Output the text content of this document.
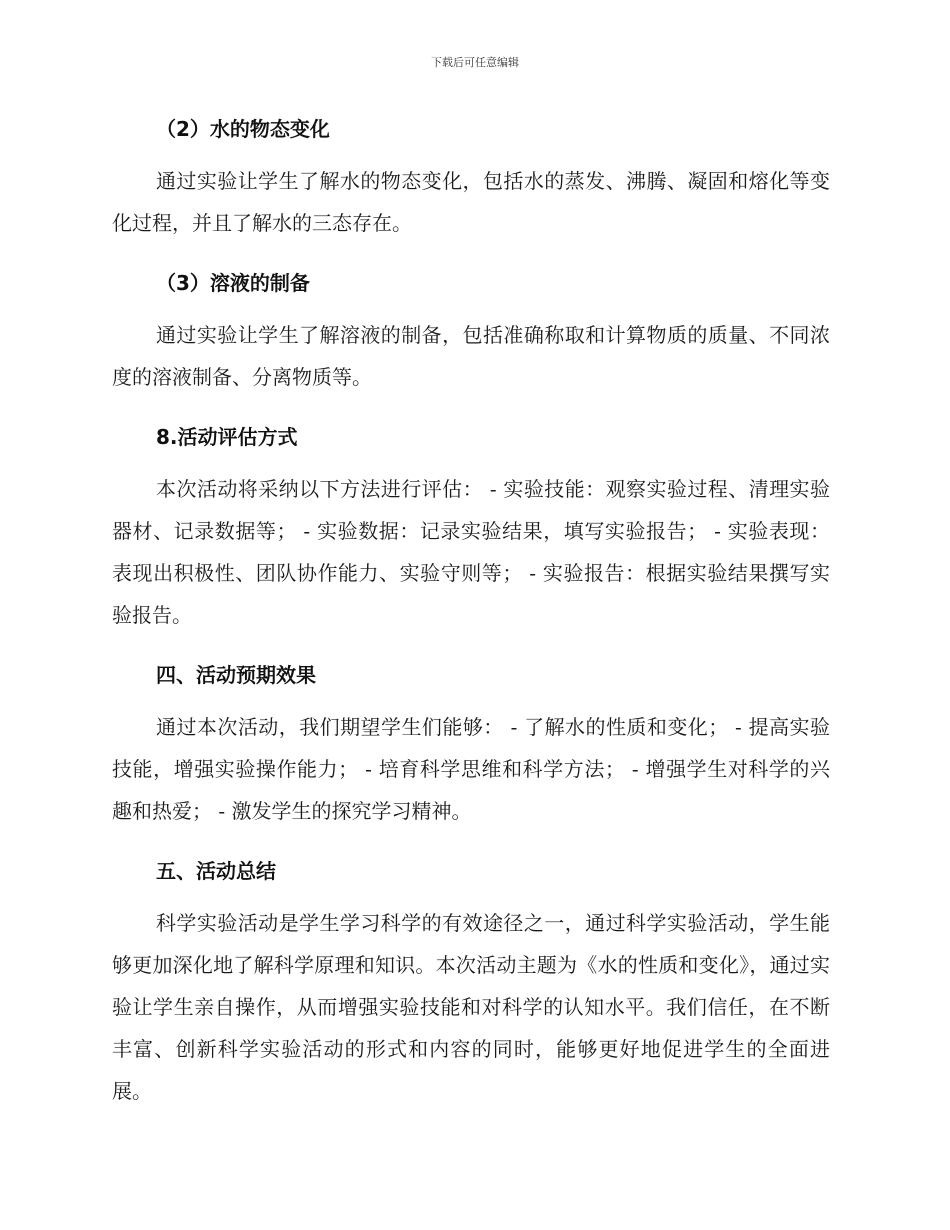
下载后可任意编辑
（2）水的物态变化

通过实验让学生了解水的物态变化，包括水的蒸发、沸腾、凝固和熔化等变化过程，并且了解水的三态存在。

（3）溶液的制备

通过实验让学生了解溶液的制备，包括准确称取和计算物质的质量、不同浓度的溶液制备、分离物质等。

8.活动评估方式

本次活动将采纳以下方法进行评估： - 实验技能：观察实验过程、清理实验器材、记录数据等； - 实验数据：记录实验结果，填写实验报告； - 实验表现：表现出积极性、团队协作能力、实验守则等； - 实验报告：根据实验结果撰写实验报告。

四、活动预期效果

通过本次活动，我们期望学生们能够： - 了解水的性质和变化； - 提高实验技能，增强实验操作能力； - 培育科学思维和科学方法； - 增强学生对科学的兴趣和热爱； - 激发学生的探究学习精神。

五、活动总结

科学实验活动是学生学习科学的有效途径之一，通过科学实验活动，学生能够更加深化地了解科学原理和知识。本次活动主题为《水的性质和变化》，通过实验让学生亲自操作，从而增强实验技能和对科学的认知水平。我们信任，在不断丰富、创新科学实验活动的形式和内容的同时，能够更好地促进学生的全面进展。
